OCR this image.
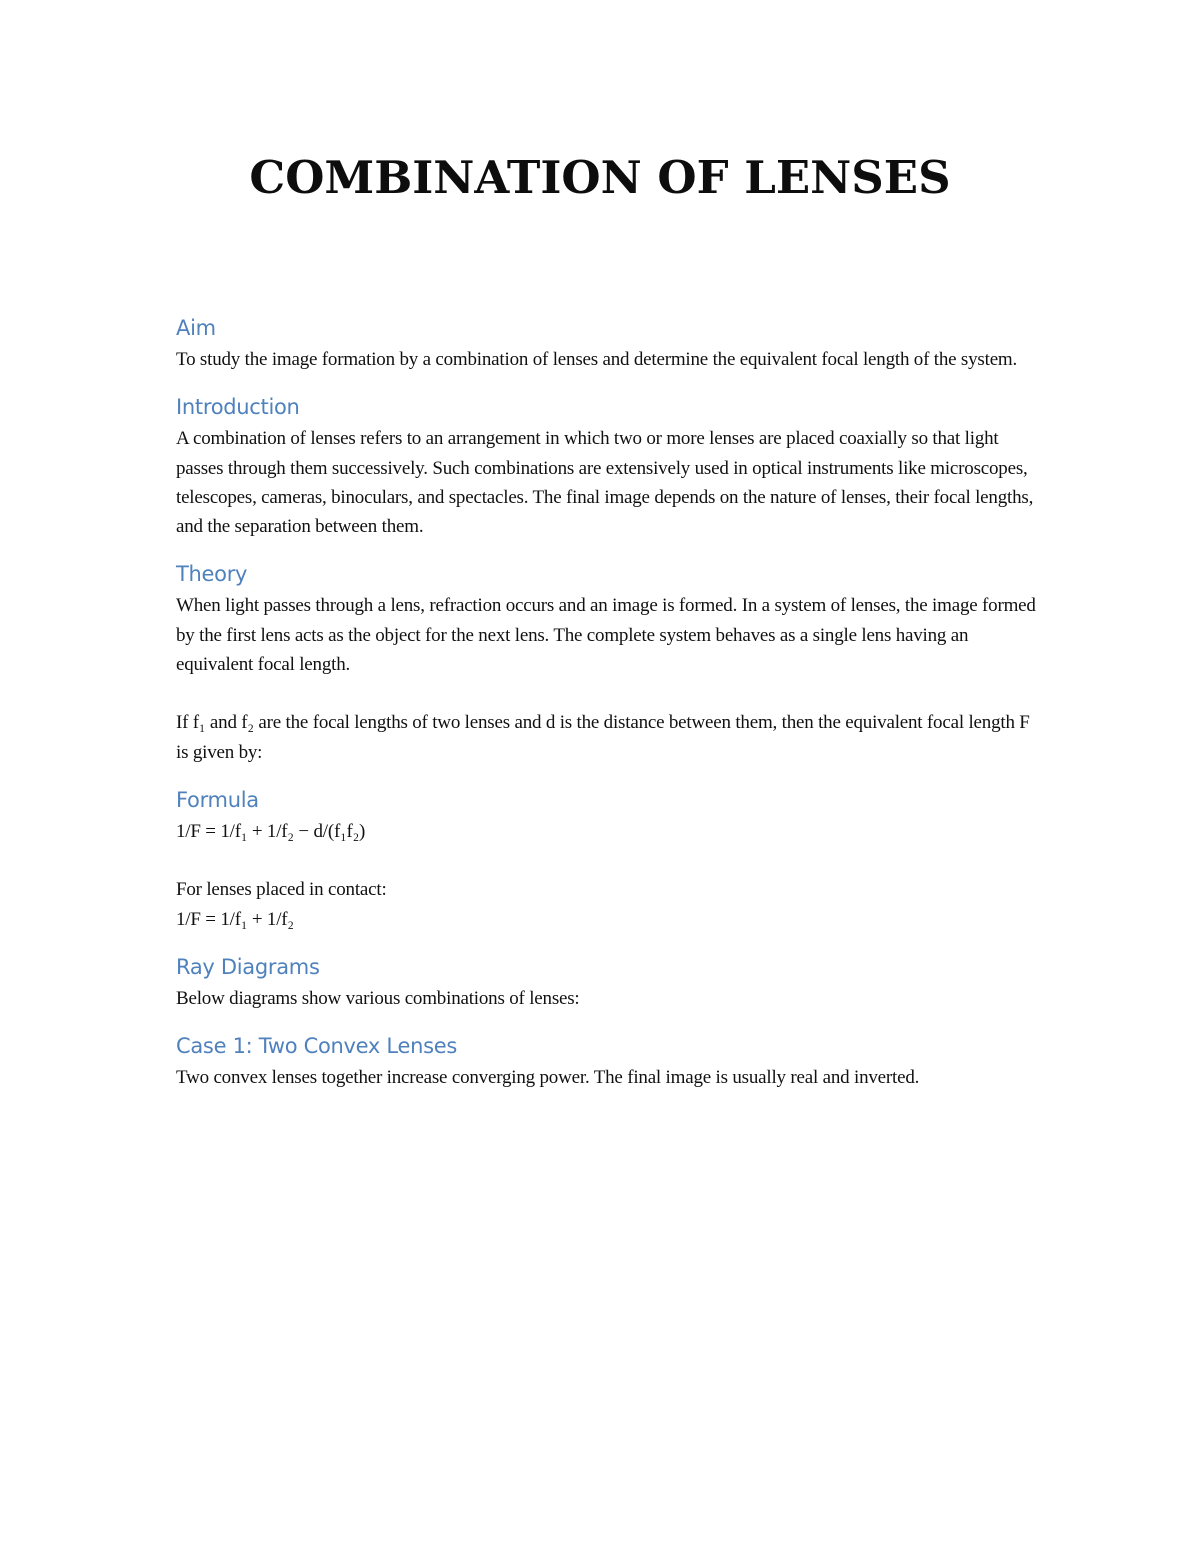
COMBINATION OF LENSES
Aim

To study the image formation by a combination of lenses and determine the equivalent focal length of the system.

Introduction

A combination of lenses refers to an arrangement in which two or more lenses are placed coaxially so that light passes through them successively. Such combinations are extensively used in optical instruments like microscopes, telescopes, cameras, binoculars, and spectacles. The final image depends on the nature of lenses, their focal lengths, and the separation between them.

Theory

When light passes through a lens, refraction occurs and an image is formed. In a system of lenses, the image formed by the first lens acts as the object for the next lens. The complete system behaves as a single lens having an equivalent focal length.

If f₁ and f₂ are the focal lengths of two lenses and d is the distance between them, then the equivalent focal length F is given by:

Formula

1/F = 1/f₁ + 1/f₂ − d/(f₁f₂)

For lenses placed in contact:

1/F = 1/f₁ + 1/f₂

Ray Diagrams

Below diagrams show various combinations of lenses:

Case 1: Two Convex Lenses

Two convex lenses together increase converging power. The final image is usually real and inverted.
